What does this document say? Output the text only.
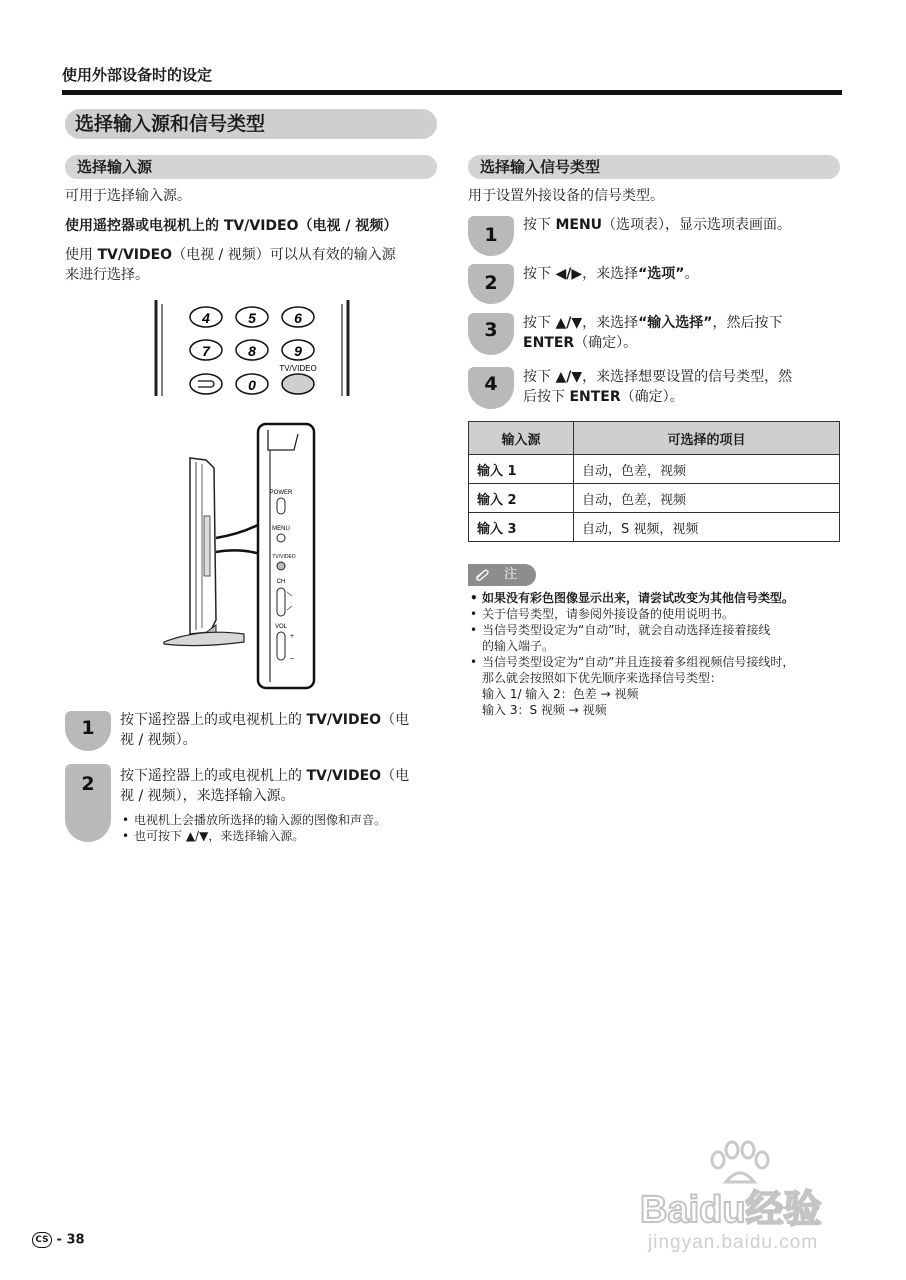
使用外部设备时的设定
选择输入源和信号类型
选择输入源
可用于选择输入源。
使用遥控器或电视机上的 TV/VIDEO（电视 / 视频）
使用 TV/VIDEO（电视 / 视频）可以从有效的输入源
来进行选择。
4	5	6
7	8	9
0
TV/VIDEO
POWER
MENU
TV/VIDEO
CH
VOL
+
–
1	按下遥控器上的或电视机上的 TV/VIDEO（电
视 / 视频）。
2	按下遥控器上的或电视机上的 TV/VIDEO（电
视 / 视频），来选择输入源。
• 电视机上会播放所选择的输入源的图像和声音。
• 也可按下 ▲/▼，来选择输入源。
选择输入信号类型
用于设置外接设备的信号类型。
1	按下 MENU（选项表），显示选项表画面。
2	按下 ◀/▶，来选择“选项”。
3	按下 ▲/▼，来选择“输入选择”，然后按下
ENTER（确定）。
4	按下 ▲/▼，来选择想要设置的信号类型，然
后按下 ENTER（确定）。
输入源	可选择的项目
输入 1	自动，色差，视频
输入 2	自动，色差，视频
输入 3	自动，S 视频，视频
注
• 如果没有彩色图像显示出来，请尝试改变为其他信号类型。
• 关于信号类型，请参阅外接设备的使用说明书。
• 当信号类型设定为“自动”时，就会自动选择连接着接线
的输入端子。
• 当信号类型设定为“自动”并且连接着多组视频信号接线时，
那么就会按照如下优先顺序来选择信号类型：
输入 1/ 输入 2：色差 → 视频
输入 3：S 视频 → 视频
CS - 38
Baidu经验
jingyan.baidu.com
